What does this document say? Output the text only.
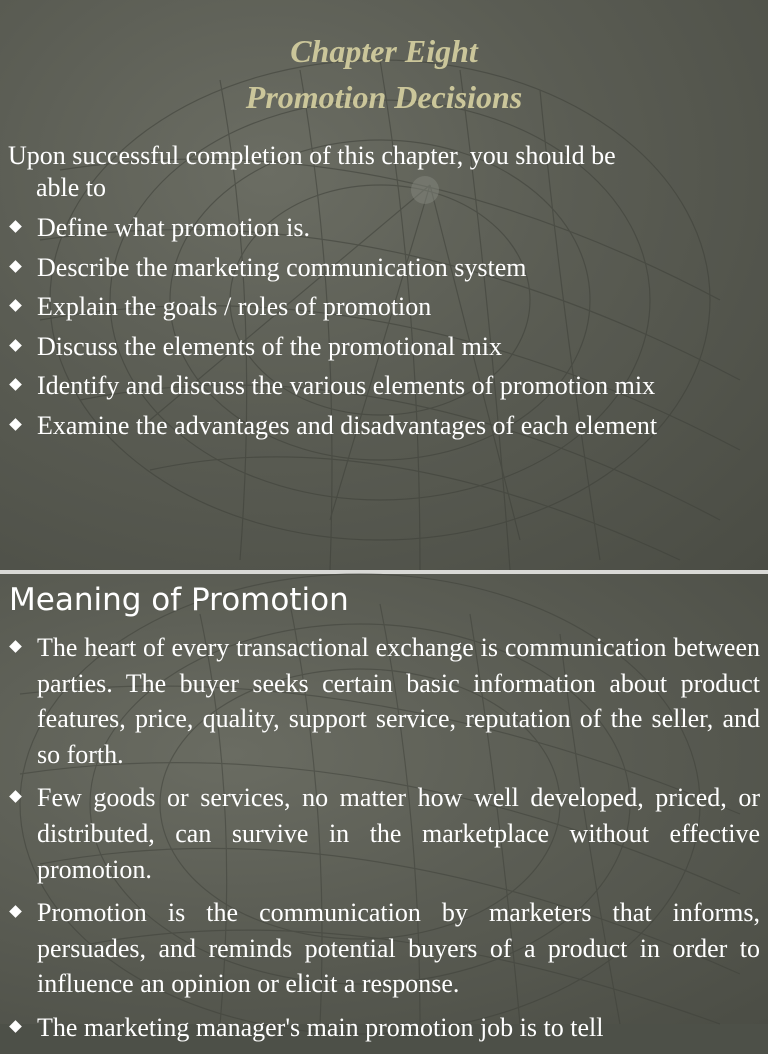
Chapter Eight
Promotion Decisions
Upon successful completion of this chapter, you should be
able to
Define what promotion is.
Describe the marketing communication system
Explain the goals / roles of promotion
Discuss the elements of the promotional mix
Identify and discuss the various elements of promotion mix
Examine the advantages and disadvantages of each element
Meaning of Promotion
The heart of every transactional exchange is communication between parties. The buyer seeks certain basic information about product features, price, quality, support service, reputation of the seller, and so forth.
Few goods or services, no matter how well developed, priced, or distributed, can survive in the marketplace without effective promotion.
Promotion is the communication by marketers that informs, persuades, and reminds potential buyers of a product in order to influence an opinion or elicit a response.
The marketing manager's main promotion job is to tell
